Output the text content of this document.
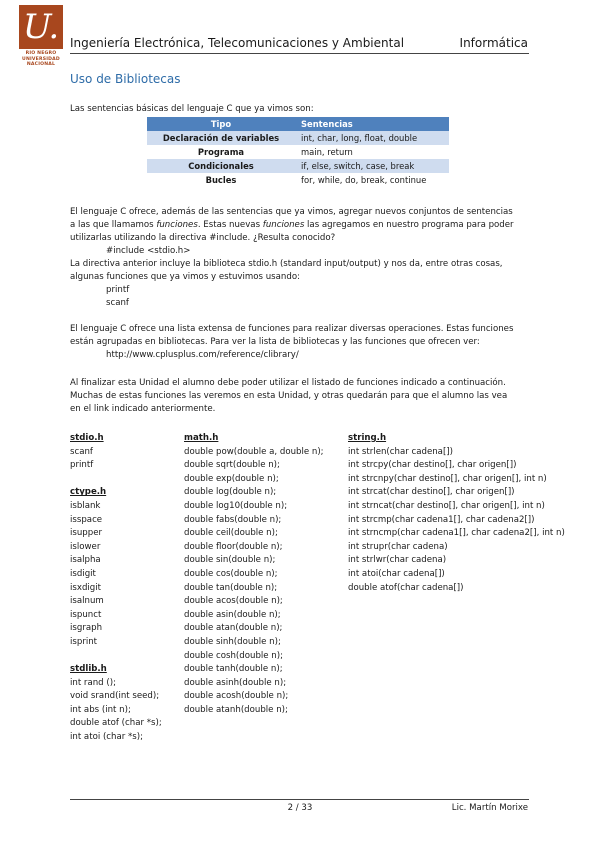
U.
RIO NEGRO
UNIVERSIDAD NACIONAL
Ingeniería Electrónica, Telecomunicaciones y Ambiental	Informática
Uso de Bibliotecas
Las sentencias básicas del lenguaje C que ya vimos son:
Tipo	Sentencias
Declaración de variables	int, char, long, float, double
Programa	main, return
Condicionales	if, else, switch, case, break
Bucles	for, while, do, break, continue
El lenguaje C ofrece, además de las sentencias que ya vimos, agregar nuevos conjuntos de sentencias
a las que llamamos funciones. Estas nuevas funciones las agregamos en nuestro programa para poder
utilizarlas utilizando la directiva #include. ¿Resulta conocido?
#include <stdio.h>
La directiva anterior incluye la biblioteca stdio.h (standard input/output) y nos da, entre otras cosas,
algunas funciones que ya vimos y estuvimos usando:
printf
scanf
El lenguaje C ofrece una lista extensa de funciones para realizar diversas operaciones. Estas funciones
están agrupadas en bibliotecas. Para ver la lista de bibliotecas y las funciones que ofrecen ver:
http://www.cplusplus.com/reference/clibrary/
Al finalizar esta Unidad el alumno debe poder utilizar el listado de funciones indicado a continuación.
Muchas de estas funciones las veremos en esta Unidad, y otras quedarán para que el alumno las vea
en el link indicado anteriormente.
stdio.h
scanf
printf
ctype.h
isblank
isspace
isupper
islower
isalpha
isdigit
isxdigit
isalnum
ispunct
isgraph
isprint
stdlib.h
int rand ();
void srand(int seed);
int abs (int n);
double atof (char *s);
int atoi (char *s);
math.h
double pow(double a, double n);
double sqrt(double n);
double exp(double n);
double log(double n);
double log10(double n);
double fabs(double n);
double ceil(double n);
double floor(double n);
double sin(double n);
double cos(double n);
double tan(double n);
double acos(double n);
double asin(double n);
double atan(double n);
double sinh(double n);
double cosh(double n);
double tanh(double n);
double asinh(double n);
double acosh(double n);
double atanh(double n);
string.h
int strlen(char cadena[])
int strcpy(char destino[], char origen[])
int strcnpy(char destino[], char origen[], int n)
int strcat(char destino[], char origen[])
int strncat(char destino[], char origen[], int n)
int strcmp(char cadena1[], char cadena2[])
int strncmp(char cadena1[], char cadena2[], int n)
int strupr(char cadena)
int strlwr(char cadena)
int atoi(char cadena[])
double atof(char cadena[])
2 / 33	Lic. Martín Morixe
